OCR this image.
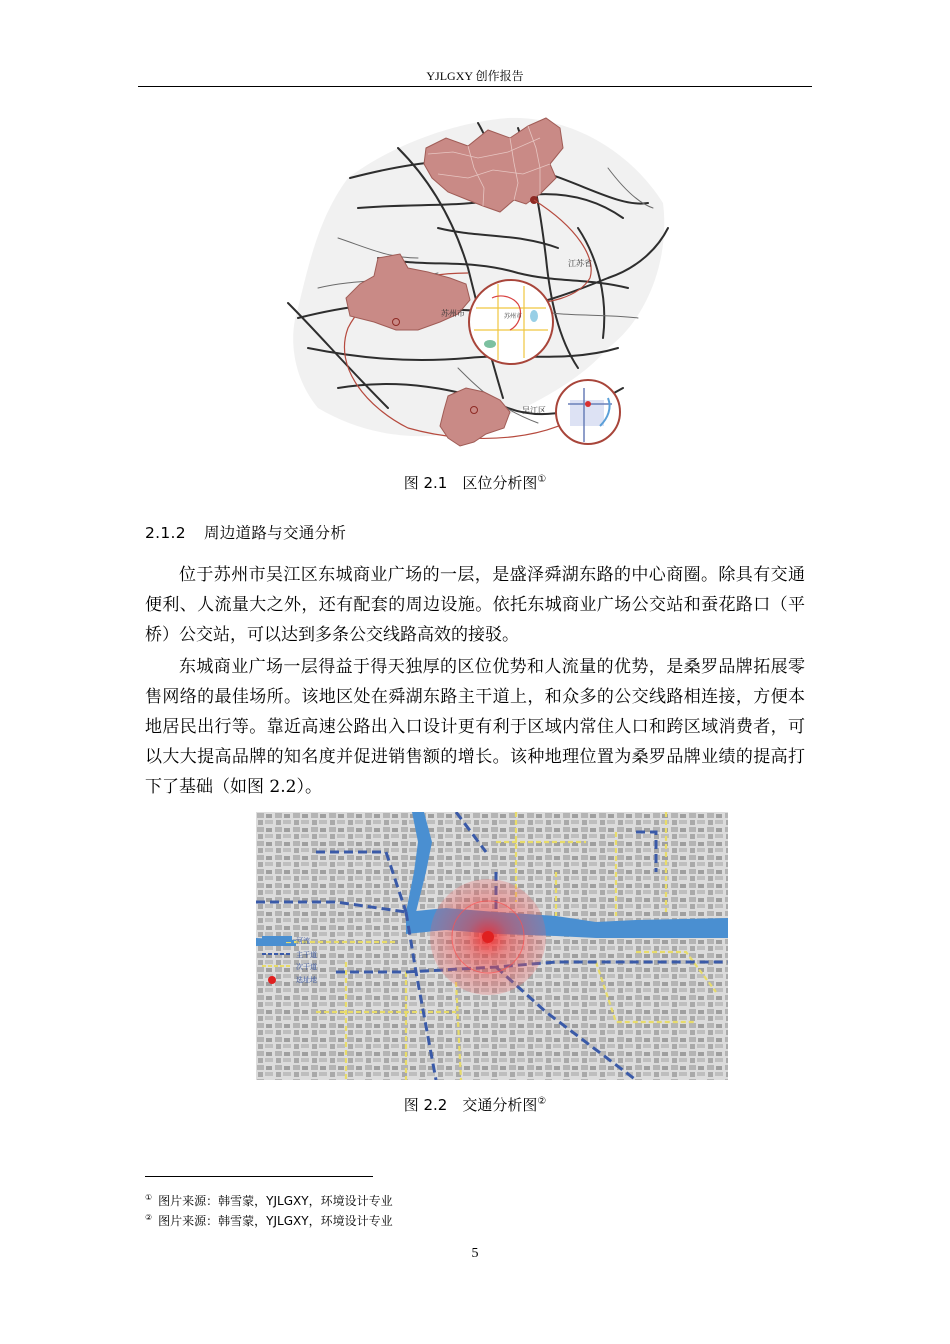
YJLGXY 创作报告
江苏省
苏州市
苏州市
吴江区
图 2.1　区位分析图①
2.1.2 周边道路与交通分析
位于苏州市吴江区东城商业广场的一层，是盛泽舜湖东路的中心商圈。除具有交通便利、人流量大之外，还有配套的周边设施。依托东城商业广场公交站和蚕花路口（平桥）公交站，可以达到多条公交线路高效的接驳。
东城商业广场一层得益于得天独厚的区位优势和人流量的优势，是桑罗品牌拓展零售网络的最佳场所。该地区处在舜湖东路主干道上，和众多的公交线路相连接，方便本地居民出行等。靠近高速公路出入口设计更有利于区域内常住人口和跨区域消费者，可以大大提高品牌的知名度并促进销售额的增长。该种地理位置为桑罗品牌业绩的提高打下了基础（如图 2.2）。
河流
主干道
次干道
选址地
图 2.2　交通分析图②
① 图片来源：韩雪蒙，YJLGXY，环境设计专业
② 图片来源：韩雪蒙，YJLGXY，环境设计专业
5
